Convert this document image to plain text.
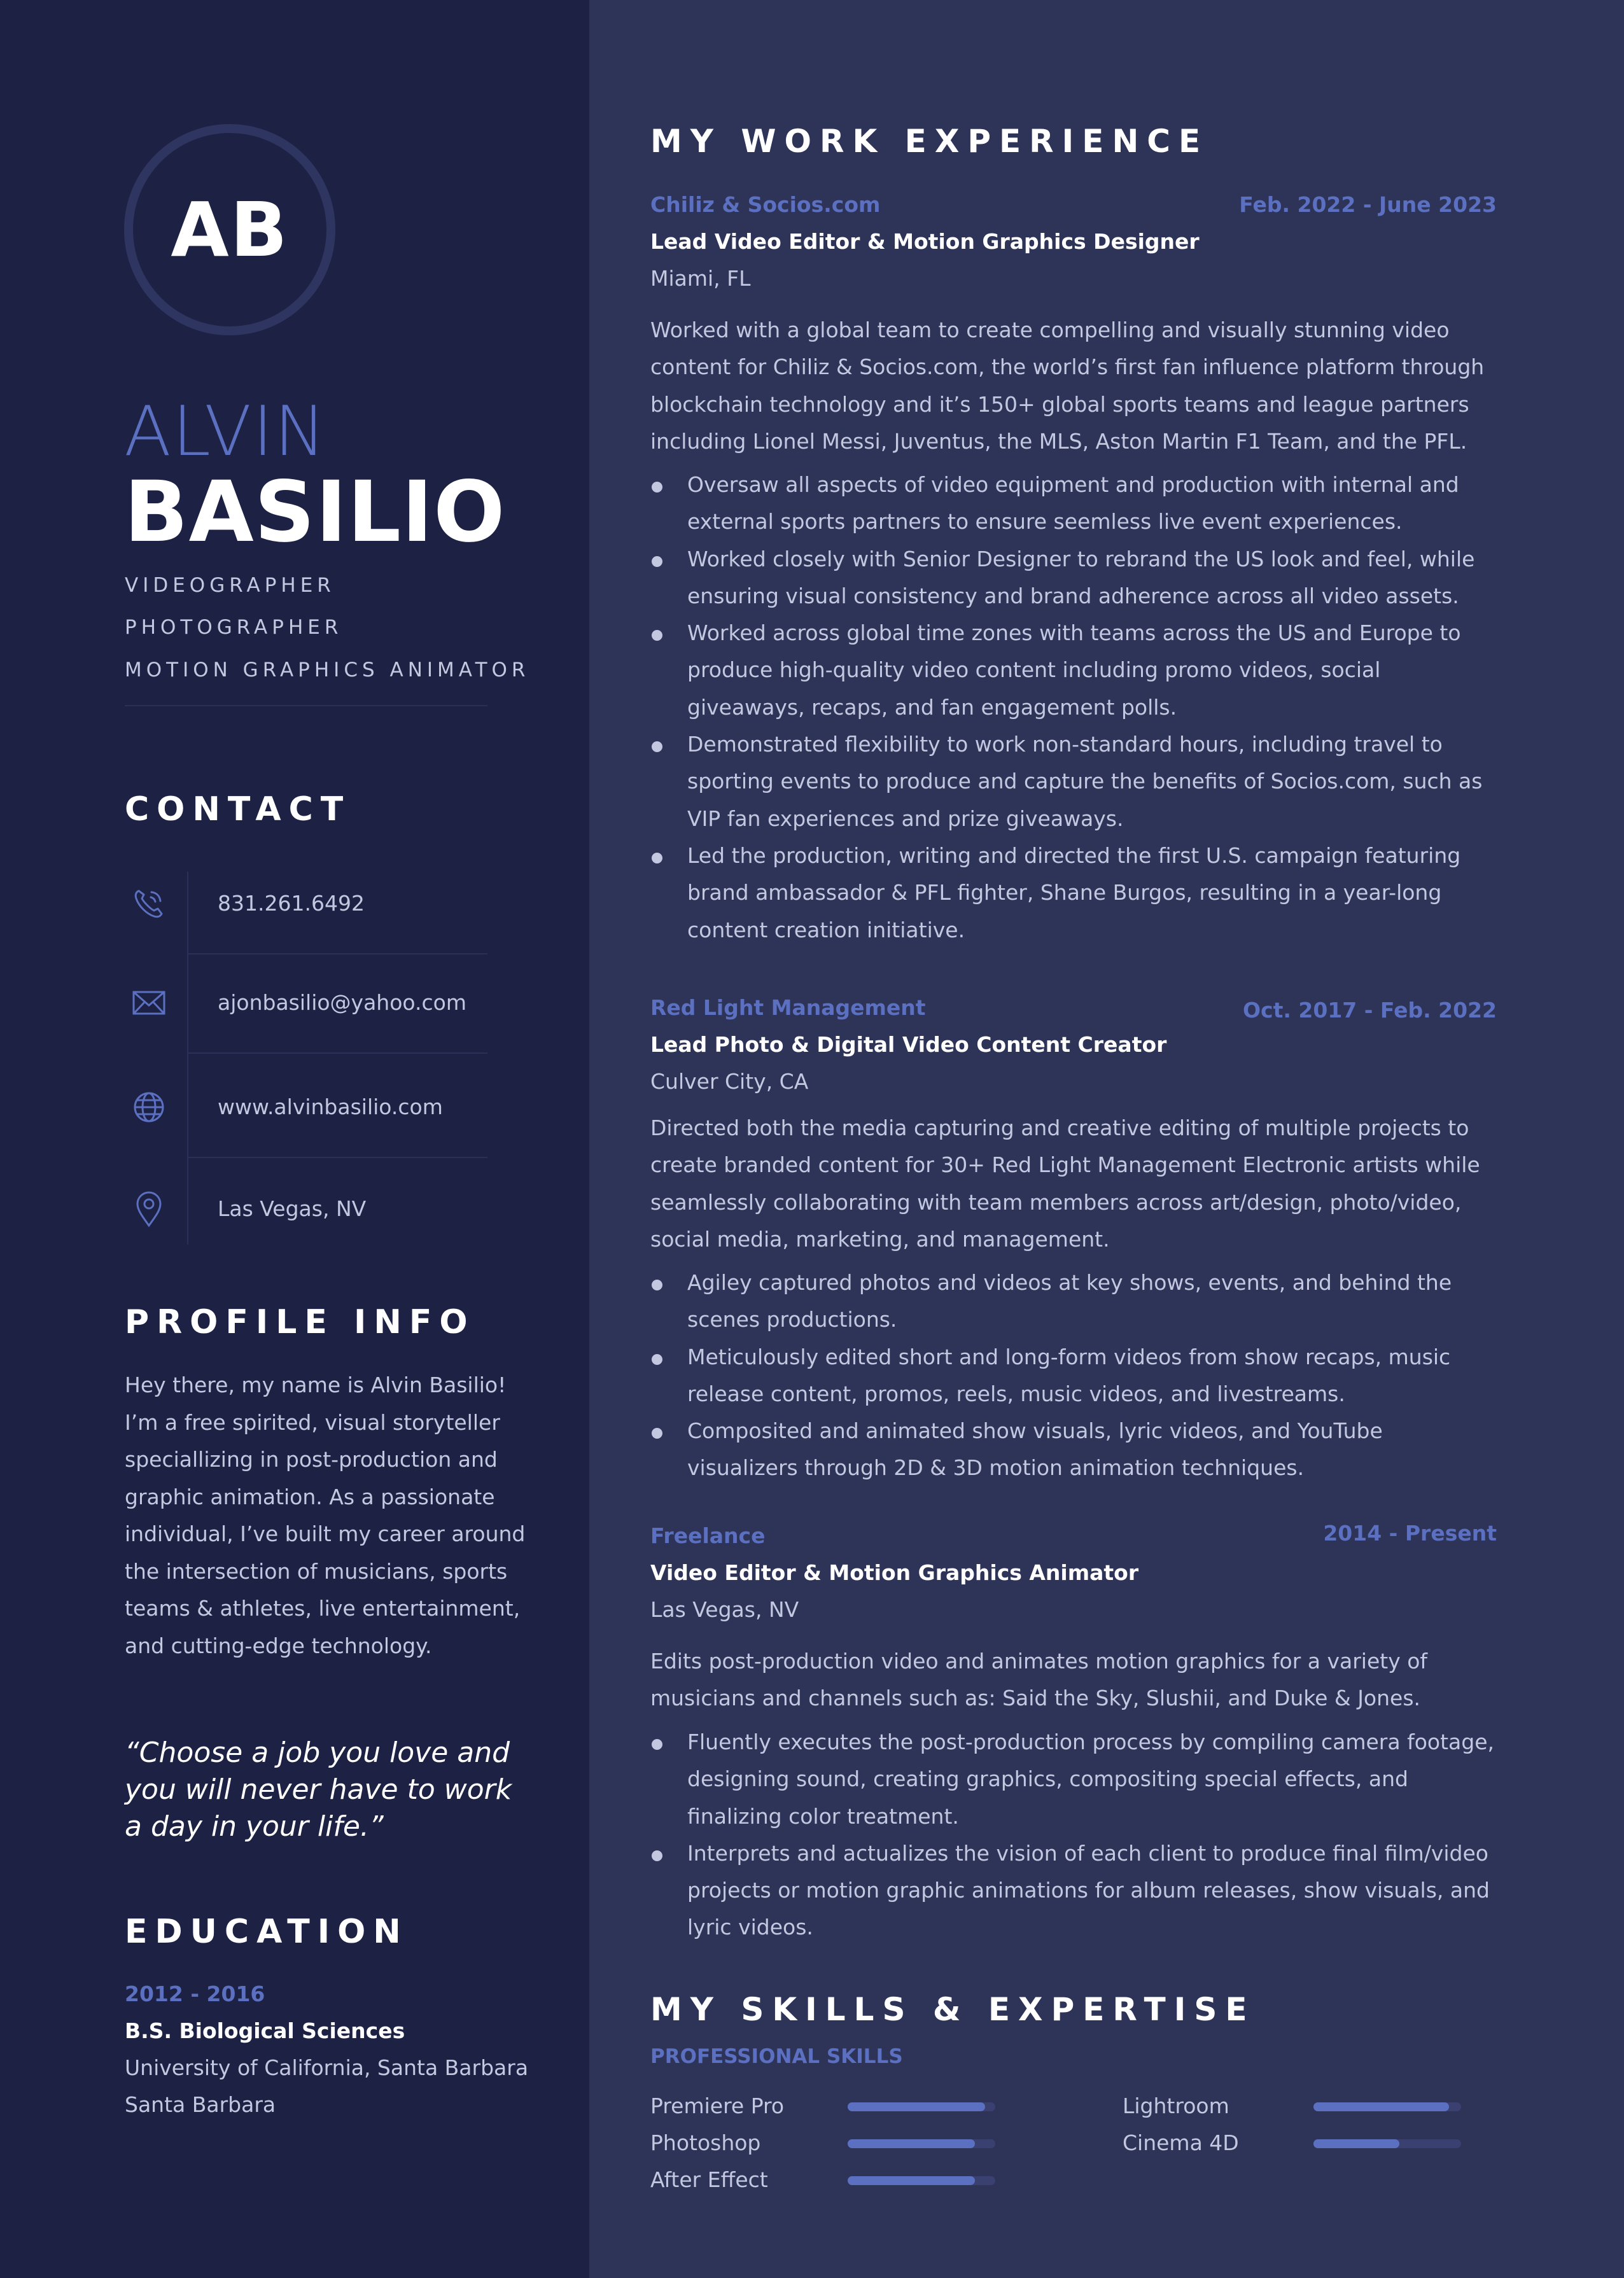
AB
ALVIN
BASILIO
VIDEOGRAPHER
PHOTOGRAPHER
MOTION GRAPHICS ANIMATOR
CONTACT
831.261.6492
ajonbasilio@yahoo.com
www.alvinbasilio.com
Las Vegas, NV
PROFILE INFO
Hey there, my name is Alvin Basilio! I’m a free spirited, visual storyteller speciallizing in post-production and graphic animation. As a passionate individual, I’ve built my career around the intersection of musicians, sports teams & athletes, live entertainment, and cutting-edge technology.
“Choose a job you love and you will never have to work a day in your life.”
EDUCATION
2012 - 2016
B.S. Biological Sciences
University of California, Santa Barbara
Santa Barbara
MY WORK EXPERIENCE
Chiliz & Socios.com	Feb. 2022 - June 2023
Lead Video Editor & Motion Graphics Designer
Miami, FL
Worked with a global team to create compelling and visually stunning video content for Chiliz & Socios.com, the world’s first fan influence platform through blockchain technology and it’s 150+ global sports teams and league partners including Lionel Messi, Juventus, the MLS, Aston Martin F1 Team, and the PFL.
Oversaw all aspects of video equipment and production with internal and external sports partners to ensure seemless live event experiences.
Worked closely with Senior Designer to rebrand the US look and feel, while ensuring visual consistency and brand adherence across all video assets.
Worked across global time zones with teams across the US and Europe to produce high-quality video content including promo videos, social giveaways, recaps, and fan engagement polls.
Demonstrated flexibility to work non-standard hours, including travel to sporting events to produce and capture the benefits of Socios.com, such as VIP fan experiences and prize giveaways.
Led the production, writing and directed the first U.S. campaign featuring brand ambassador & PFL fighter, Shane Burgos, resulting in a year-long content creation initiative.
Red Light Management	Oct. 2017 - Feb. 2022
Lead Photo & Digital Video Content Creator
Culver City, CA
Directed both the media capturing and creative editing of multiple projects to create branded content for 30+ Red Light Management Electronic artists while seamlessly collaborating with team members across art/design, photo/video, social media, marketing, and management.
Agiley captured photos and videos at key shows, events, and behind the scenes productions.
Meticulously edited short and long-form videos from show recaps, music release content, promos, reels, music videos, and livestreams.
Composited and animated show visuals, lyric videos, and YouTube visualizers through 2D & 3D motion animation techniques.
Freelance	2014 - Present
Video Editor & Motion Graphics Animator
Las Vegas, NV
Edits post-production video and animates motion graphics for a variety of musicians and channels such as: Said the Sky, Slushii, and Duke & Jones.
Fluently executes the post-production process by compiling camera footage, designing sound, creating graphics, compositing special effects, and finalizing color treatment.
Interprets and actualizes the vision of each client to produce final film/video projects or motion graphic animations for album releases, show visuals, and lyric videos.
MY SKILLS & EXPERTISE
PROFESSIONAL SKILLS
Premiere Pro
Photoshop
After Effect
Lightroom
Cinema 4D
